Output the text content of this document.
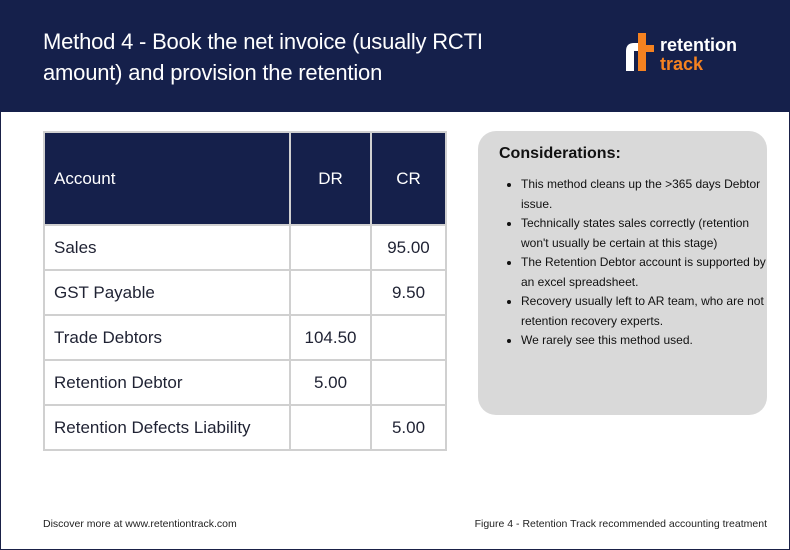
Method 4 - Book the net invoice (usually RCTI amount) and provision the retention
retention
track
Account	DR	CR
Sales		95.00
GST Payable		9.50
Trade Debtors	104.50	
Retention Debtor	5.00	
Retention Defects Liability		5.00
Considerations:
• This method cleans up the >365 days Debtor issue.
• Technically states sales correctly (retention won't usually be certain at this stage)
• The Retention Debtor account is supported by an excel spreadsheet.
• Recovery usually left to AR team, who are not retention recovery experts.
• We rarely see this method used.
Discover more at www.retentiontrack.com	Figure 4 - Retention Track recommended accounting treatment
